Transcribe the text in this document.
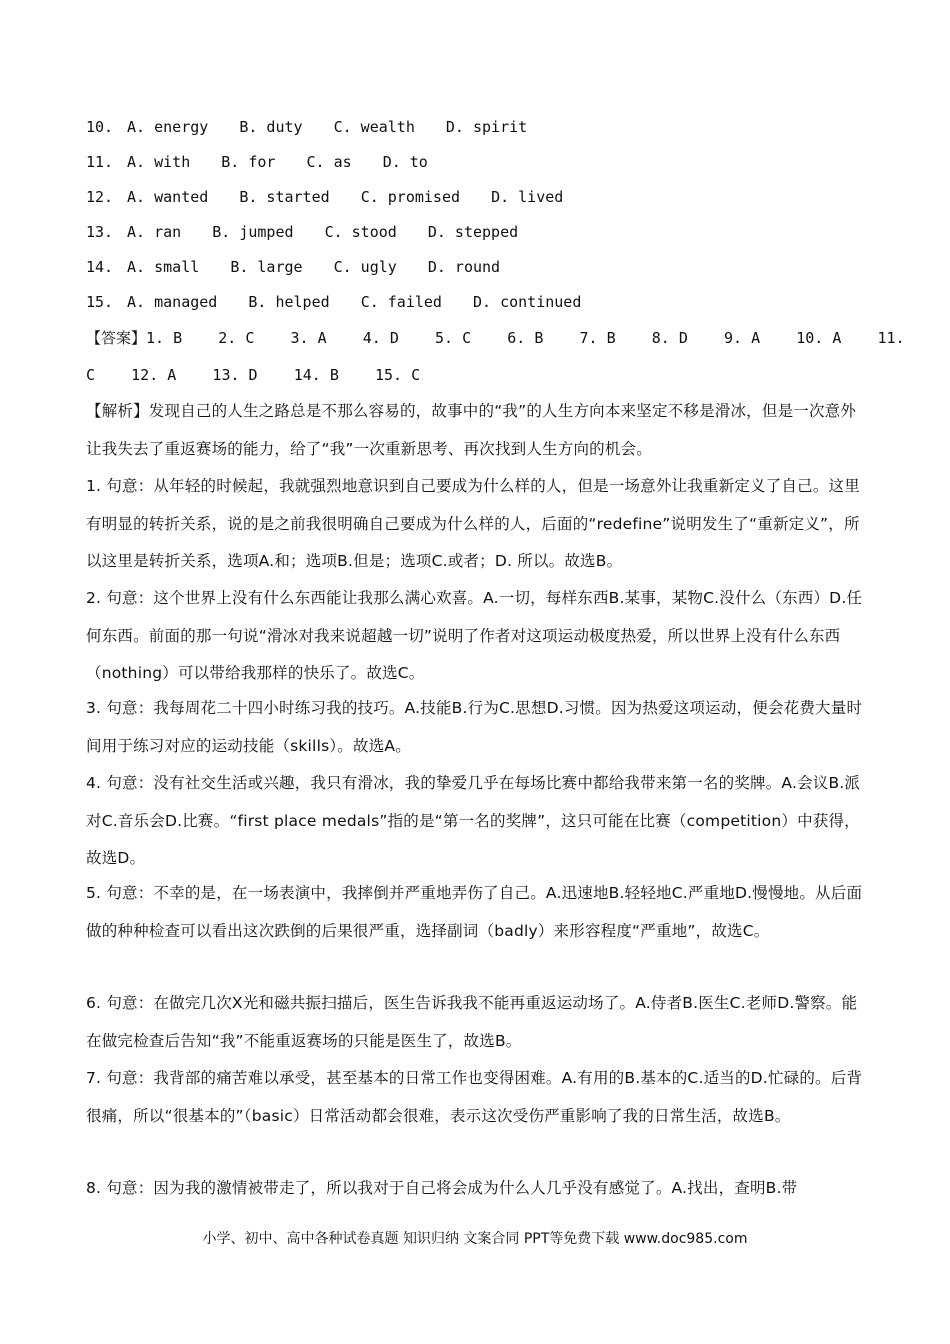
10. A. energy B. duty C. wealth D. spirit
11. A. with B. for C. as D. to
12. A. wanted B. started C. promised D. lived
13. A. ran B. jumped C. stood D. stepped
14. A. small B. large C. ugly D. round
15. A. managed B. helped C. failed D. continued
【答案】1. B    2. C    3. A    4. D    5. C    6. B    7. B    8. D    9. A    10. A    11.
C    12. A    13. D    14. B    15. C
【解析】发现自己的人生之路总是不那么容易的，故事中的“我”的人生方向本来坚定不移是滑冰，但是一次意外让我失去了重返赛场的能力，给了“我”一次重新思考、再次找到人生方向的机会。
1. 句意：从年轻的时候起，我就强烈地意识到自己要成为什么样的人，但是一场意外让我重新定义了自己。这里有明显的转折关系，说的是之前我很明确自己要成为什么样的人，后面的“redefine”说明发生了“重新定义”，所以这里是转折关系，选项A.和；选项B.但是；选项C.或者；D. 所以。故选B。
2. 句意：这个世界上没有什么东西能让我那么满心欢喜。A.一切，每样东西B.某事，某物C.没什么（东西）D.任何东西。前面的那一句说“滑冰对我来说超越一切”说明了作者对这项运动极度热爱，所以世界上没有什么东西（nothing）可以带给我那样的快乐了。故选C。
3. 句意：我每周花二十四小时练习我的技巧。A.技能B.行为C.思想D.习惯。因为热爱这项运动，便会花费大量时间用于练习对应的运动技能（skills）。故选A。
4. 句意：没有社交生活或兴趣，我只有滑冰，我的挚爱几乎在每场比赛中都给我带来第一名的奖牌。A.会议B.派对C.音乐会D.比赛。“first place medals”指的是“第一名的奖牌”，这只可能在比赛（competition）中获得，故选D。
5. 句意：不幸的是，在一场表演中，我摔倒并严重地弄伤了自己。A.迅速地B.轻轻地C.严重地D.慢慢地。从后面做的种种检查可以看出这次跌倒的后果很严重，选择副词（badly）来形容程度“严重地”，故选C。
6. 句意：在做完几次X光和磁共振扫描后，医生告诉我我不能再重返运动场了。A.侍者B.医生C.老师D.警察。能在做完检查后告知“我”不能重返赛场的只能是医生了，故选B。
7. 句意：我背部的痛苦难以承受，甚至基本的日常工作也变得困难。A.有用的B.基本的C.适当的D.忙碌的。后背很痛，所以“很基本的”（basic）日常活动都会很难，表示这次受伤严重影响了我的日常生活，故选B。
8. 句意：因为我的激情被带走了，所以我对于自己将会成为什么人几乎没有感觉了。A.找出，查明B.带
小学、初中、高中各种试卷真题 知识归纳 文案合同 PPT等免费下载 www.doc985.com
